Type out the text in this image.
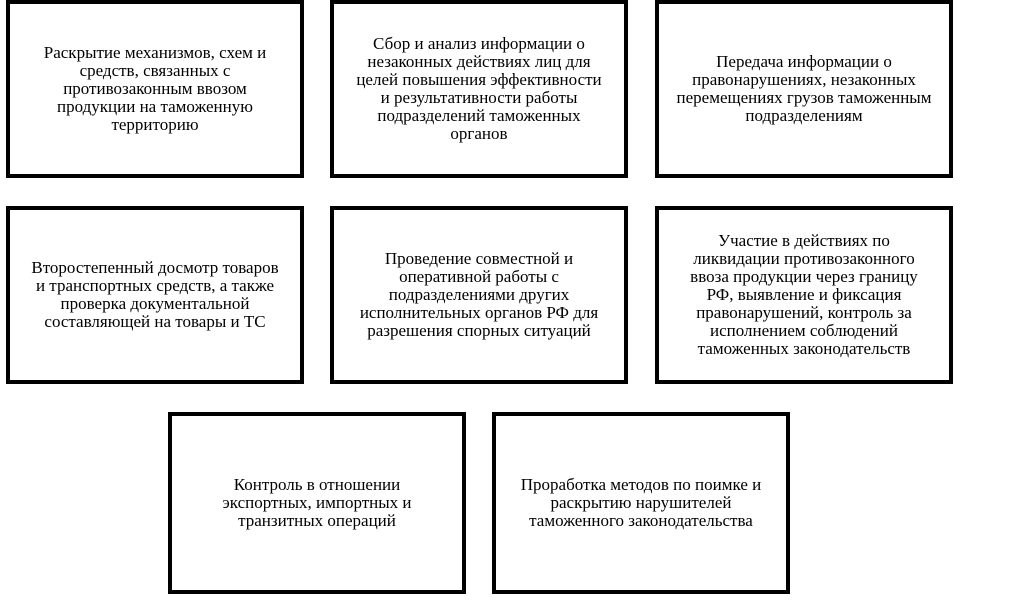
Раскрытие механизмов, схем и
средств, связанных с
противозаконным ввозом
продукции на таможенную
территорию
Сбор и анализ информации о
незаконных действиях лиц для
целей повышения эффективности
и результативности работы
подразделений таможенных
органов
Передача информации о
правонарушениях, незаконных
перемещениях грузов таможенным
подразделениям
Второстепенный досмотр товаров
и транспортных средств, а также
проверка документальной
составляющей на товары и ТС
Проведение совместной и
оперативной работы с
подразделениями других
исполнительных органов РФ для
разрешения спорных ситуаций
Участие в действиях по
ликвидации противозаконного
ввоза продукции через границу
РФ, выявление и фиксация
правонарушений, контроль за
исполнением соблюдений
таможенных законодательств
Контроль в отношении
экспортных, импортных и
транзитных операций
Проработка методов по поимке и
раскрытию нарушителей
таможенного законодательства
